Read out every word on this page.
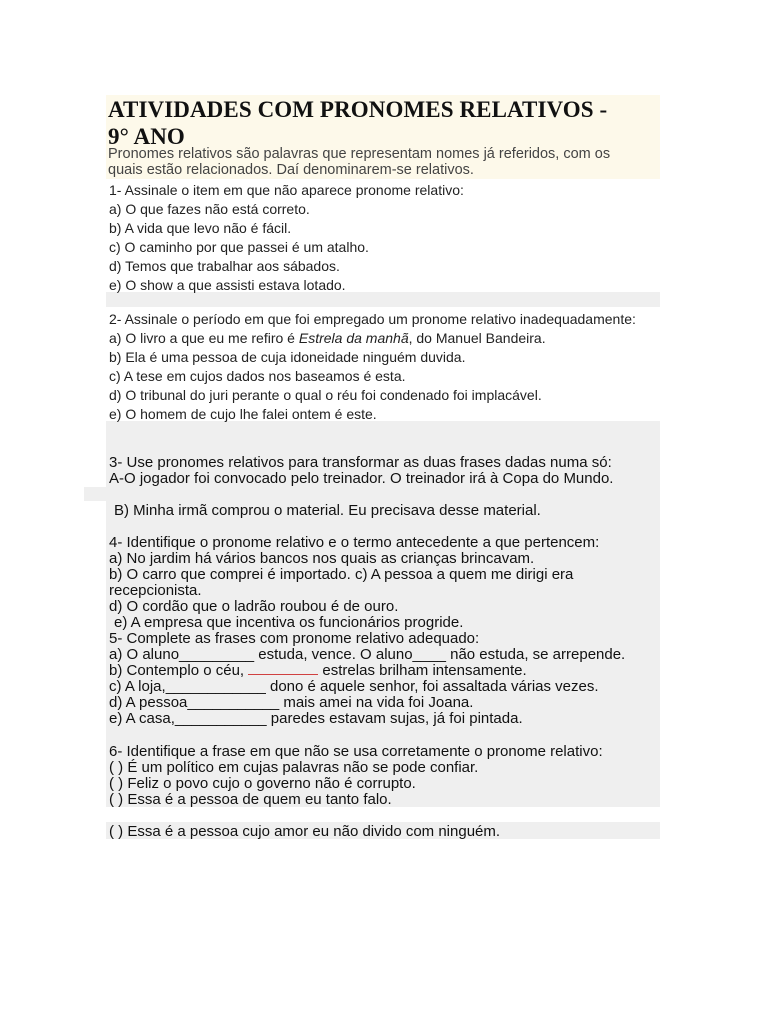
ATIVIDADES COM PRONOMES RELATIVOS -
9° ANO
Pronomes relativos são palavras que representam nomes já referidos, com os
quais estão relacionados. Daí denominarem-se relativos.
1- Assinale o item em que não aparece pronome relativo:
a) O que fazes não está correto.
b) A vida que levo não é fácil.
c) O caminho por que passei é um atalho.
d) Temos que trabalhar aos sábados.
e) O show a que assisti estava lotado.
2- Assinale o período em que foi empregado um pronome relativo inadequadamente:
a) O livro a que eu me refiro é Estrela da manhã, do Manuel Bandeira.
b) Ela é uma pessoa de cuja idoneidade ninguém duvida.
c) A tese em cujos dados nos baseamos é esta.
d) O tribunal do juri perante o qual o réu foi condenado foi implacável.
e) O homem de cujo lhe falei ontem é este.
3- Use pronomes relativos para transformar as duas frases dadas numa só:
A-O jogador foi convocado pelo treinador. O treinador irá à Copa do Mundo.
B) Minha irmã comprou o material. Eu precisava desse material.
4- Identifique o pronome relativo e o termo antecedente a que pertencem:
a) No jardim há vários bancos nos quais as crianças brincavam.
b) O carro que comprei é importado. c) A pessoa a quem me dirigi era
recepcionista.
d) O cordão que o ladrão roubou é de ouro.
e) A empresa que incentiva os funcionários progride.
5- Complete as frases com pronome relativo adequado:
a) O aluno_________ estuda, vence. O aluno____ não estuda, se arrepende.
b) Contemplo o céu,	estrelas brilham intensamente.
c) A loja,____________ dono é aquele senhor, foi assaltada várias vezes.
d) A pessoa___________ mais amei na vida foi Joana.
e) A casa,___________ paredes estavam sujas, já foi pintada.
6- Identifique a frase em que não se usa corretamente o pronome relativo:
( ) É um político em cujas palavras não se pode confiar.
( ) Feliz o povo cujo o governo não é corrupto.
( ) Essa é a pessoa de quem eu tanto falo.
( ) Essa é a pessoa cujo amor eu não divido com ninguém.
